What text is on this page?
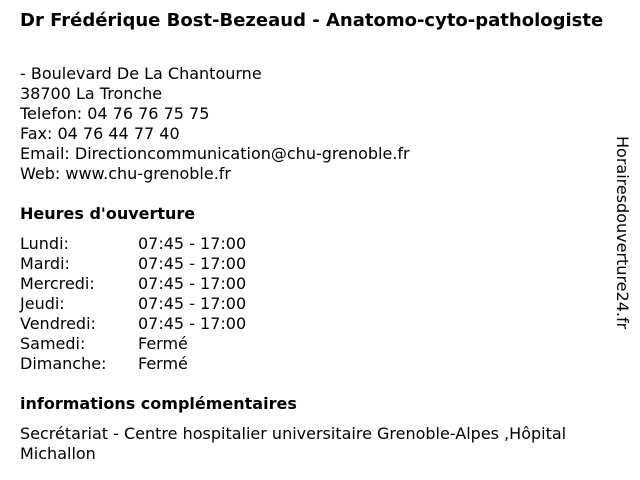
Dr Frédérique Bost-Bezeaud - Anatomo-cyto-pathologiste
- Boulevard De La Chantourne
38700 La Tronche
Telefon: 04 76 76 75 75
Fax: 04 76 44 77 40
Email: Directioncommunication@chu-grenoble.fr
Web: www.chu-grenoble.fr
Heures d'ouverture
Lundi:	07:45 - 17:00
Mardi:	07:45 - 17:00
Mercredi:	07:45 - 17:00
Jeudi:	07:45 - 17:00
Vendredi:	07:45 - 17:00
Samedi:	Fermé
Dimanche:	Fermé
informations complémentaires
Secrétariat - Centre hospitalier universitaire Grenoble-Alpes ,Hôpital Michallon
Horairesdouverture24.fr
